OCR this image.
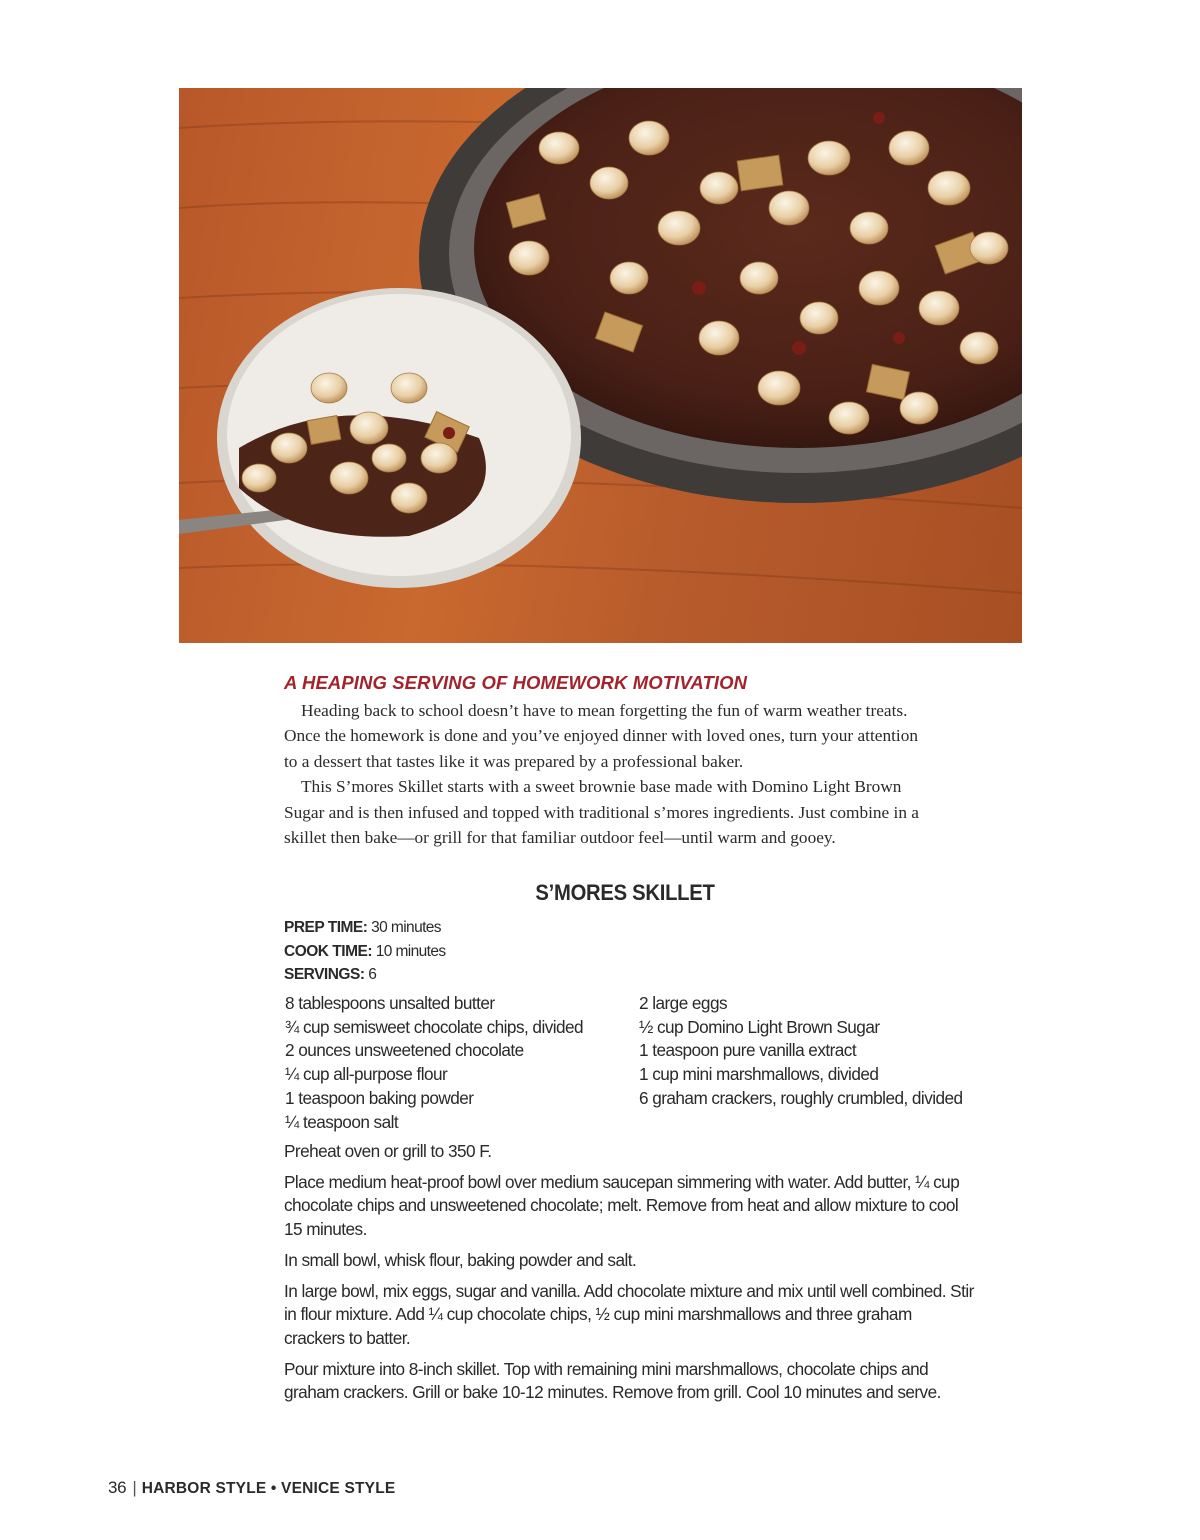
A HEAPING SERVING OF HOMEWORK MOTIVATION

Heading back to school doesn’t have to mean forgetting the fun of warm weather treats. Once the homework is done and you’ve enjoyed dinner with loved ones, turn your attention to a dessert that tastes like it was prepared by a professional baker.

This S’mores Skillet starts with a sweet brownie base made with Domino Light Brown Sugar and is then infused and topped with traditional s’mores ingredients. Just combine in a skillet then bake—or grill for that familiar outdoor feel—until warm and gooey.

S’MORES SKILLET
PREP TIME: 30 minutes
COOK TIME: 10 minutes
SERVINGS: 6
8 tablespoons unsalted butter
¾ cup semisweet chocolate chips, divided
2 ounces unsweetened chocolate
¼ cup all-purpose flour
1 teaspoon baking powder
¼ teaspoon salt
2 large eggs
½ cup Domino Light Brown Sugar
1 teaspoon pure vanilla extract
1 cup mini marshmallows, divided
6 graham crackers, roughly crumbled, divided

Preheat oven or grill to 350 F.

Place medium heat-proof bowl over medium saucepan simmering with water. Add butter, ¼ cup chocolate chips and unsweetened chocolate; melt. Remove from heat and allow mixture to cool 15 minutes.

In small bowl, whisk flour, baking powder and salt.

In large bowl, mix eggs, sugar and vanilla. Add chocolate mixture and mix until well combined. Stir in flour mixture. Add ¼ cup chocolate chips, ½ cup mini marshmallows and three graham crackers to batter.

Pour mixture into 8-inch skillet. Top with remaining mini marshmallows, chocolate chips and graham crackers. Grill or bake 10-12 minutes. Remove from grill. Cool 10 minutes and serve.

36 | HARBOR STYLE • VENICE STYLE
